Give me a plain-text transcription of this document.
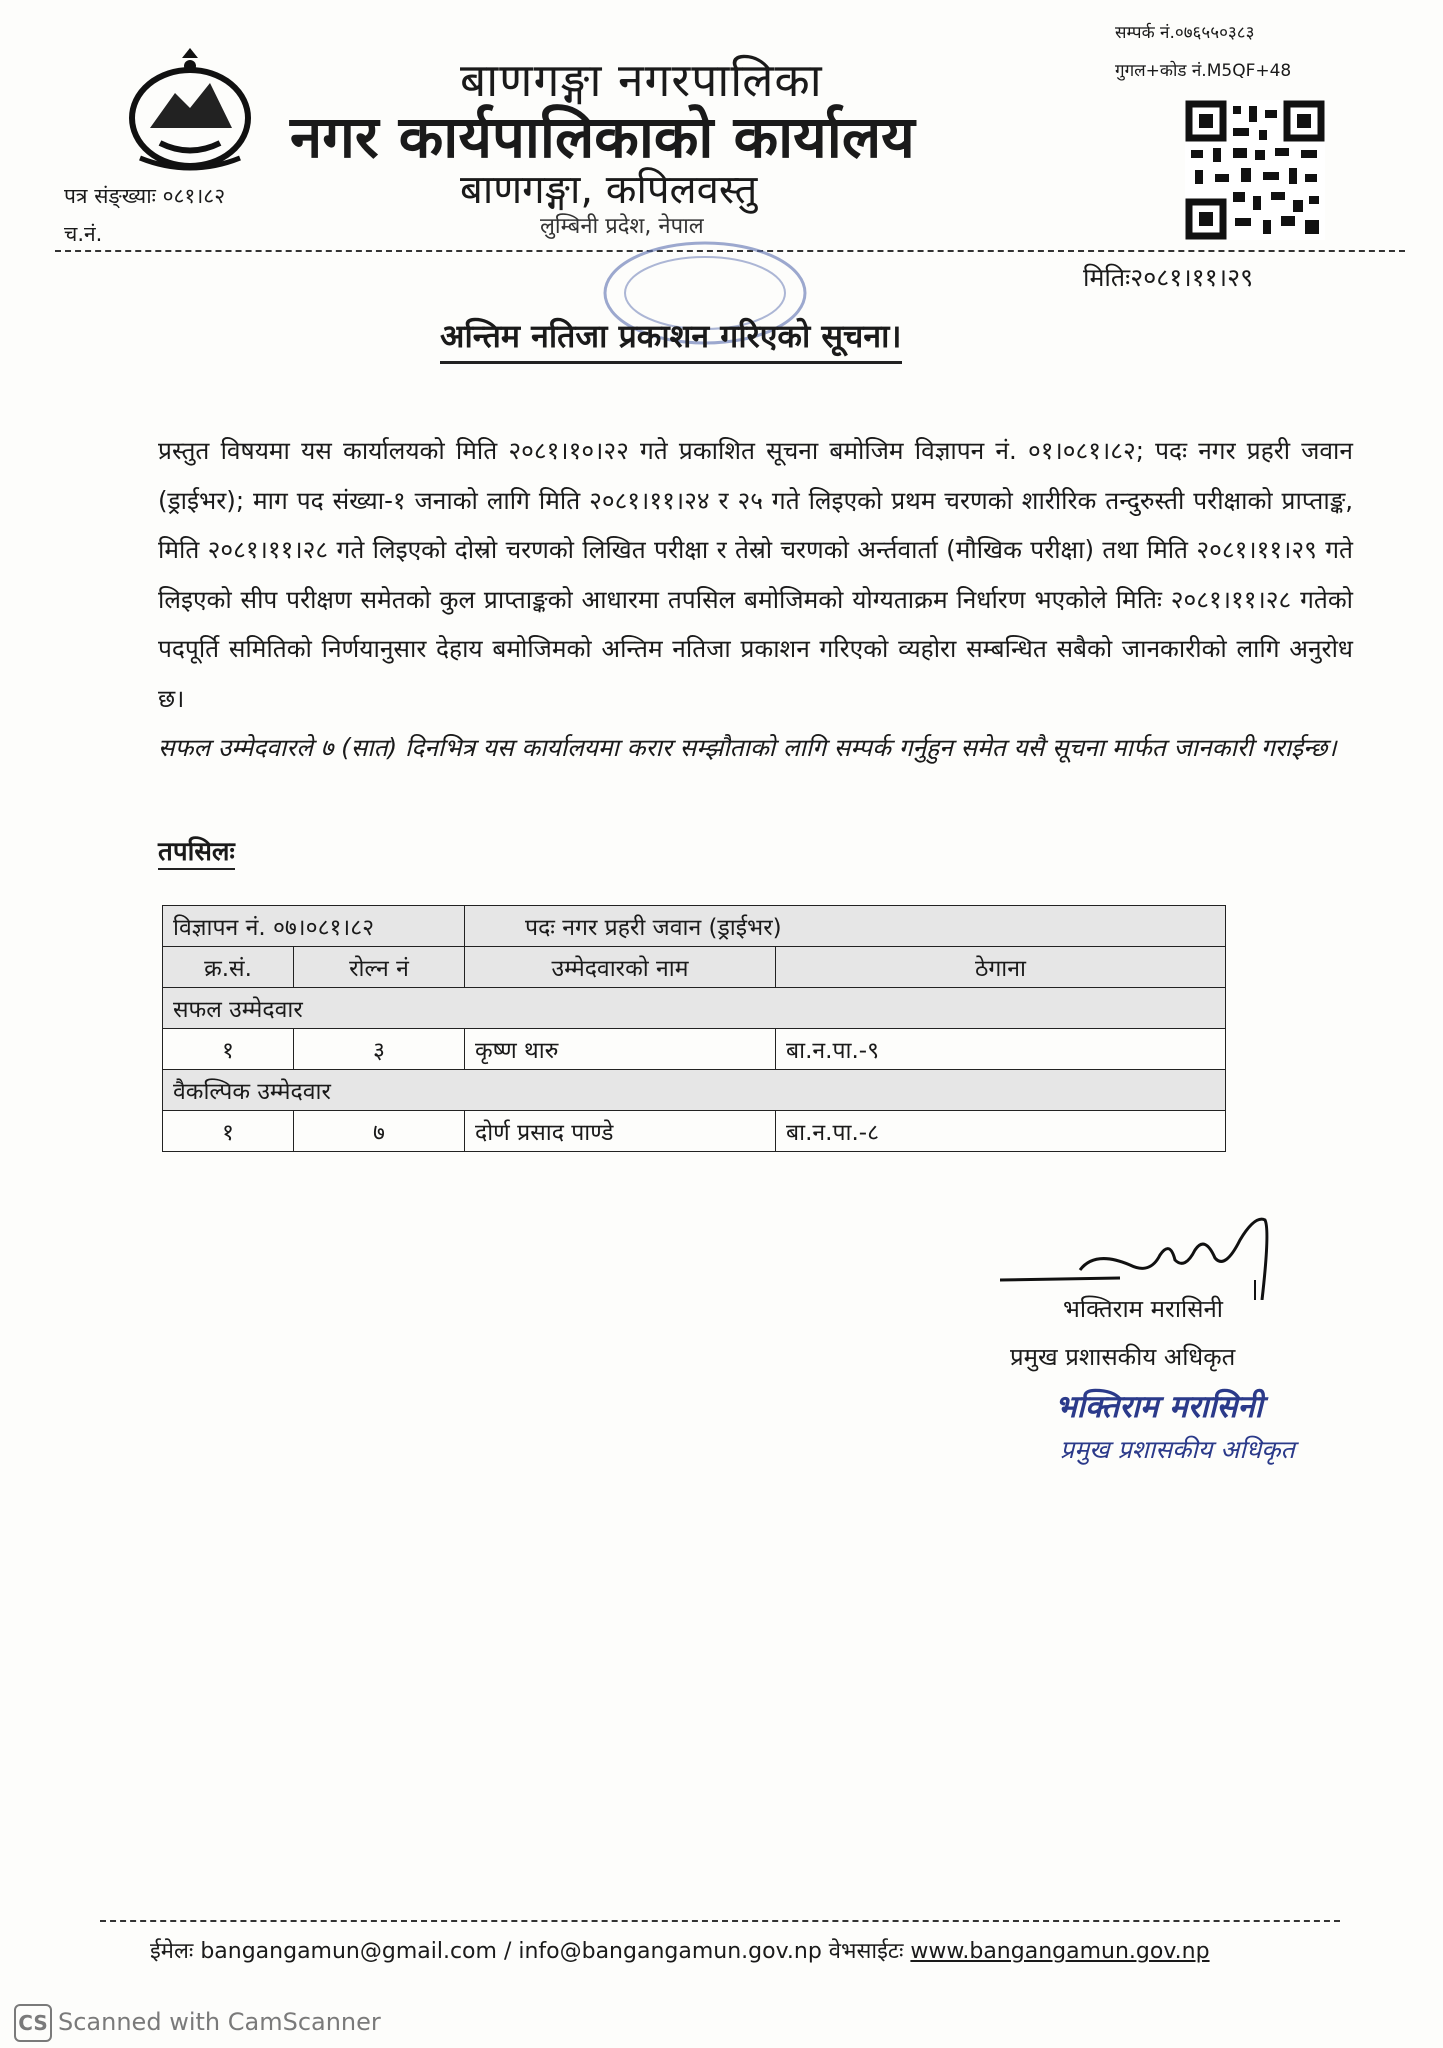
बाणगङ्गा नगरपालिका
नगर कार्यपालिकाको कार्यालय
बाणगङ्गा, कपिलवस्तु
लुम्बिनी प्रदेश, नेपाल
सम्पर्क नं.०७६५५०३८३
गुगल+कोड नं.M5QF+48
पत्र संङ्ख्याः ०८१।८२
च.नं.
मितिः२०८१।११।२९
अन्तिम नतिजा प्रकाशन गरिएको सूचना।

प्रस्तुत विषयमा यस कार्यालयको मिति २०८१।१०।२२ गते प्रकाशित सूचना बमोजिम विज्ञापन नं. ०१।०८१।८२; पदः नगर प्रहरी जवान (ड्राईभर); माग पद संख्या-१ जनाको लागि मिति २०८१।११।२४ र २५ गते लिइएको प्रथम चरणको शारीरिक तन्दुरुस्ती परीक्षाको प्राप्ताङ्क, मिति २०८१।११।२८ गते लिइएको दोस्रो चरणको लिखित परीक्षा र तेस्रो चरणको अर्न्तवार्ता (मौखिक परीक्षा) तथा मिति २०८१।११।२९ गते लिइएको सीप परीक्षण समेतको कुल प्राप्ताङ्कको आधारमा तपसिल बमोजिमको योग्यताक्रम निर्धारण भएकोले मितिः २०८१।११।२८ गतेको पदपूर्ति समितिको निर्णयानुसार देहाय बमोजिमको अन्तिम नतिजा प्रकाशन गरिएको व्यहोरा सम्बन्धित सबैको जानकारीको लागि अनुरोध छ।

सफल उम्मेदवारले ७ (सात) दिनभित्र यस कार्यालयमा करार सम्झौताको लागि सम्पर्क गर्नुहुन समेत यसै सूचना मार्फत जानकारी गराईन्छ।

तपसिलः
विज्ञापन नं. ०७।०८१।८२		पदः नगर प्रहरी जवान (ड्राईभर)	
क्र.सं.	रोल्न नं	उम्मेदवारको नाम	ठेगाना
सफल उम्मेदवार			
१	३	कृष्ण थारु	बा.न.पा.-९
वैकल्पिक उम्मेदवार			
१	७	दोर्ण प्रसाद पाण्डे	बा.न.पा.-८
भक्तिराम मरासिनी
प्रमुख प्रशासकीय अधिकृत
भक्तिराम मरासिनी
प्रमुख प्रशासकीय अधिकृत
ईमेलः bangangamun@gmail.com / info@bangangamun.gov.np वेभसाईटः www.bangangamun.gov.np
CS Scanned with CamScanner
